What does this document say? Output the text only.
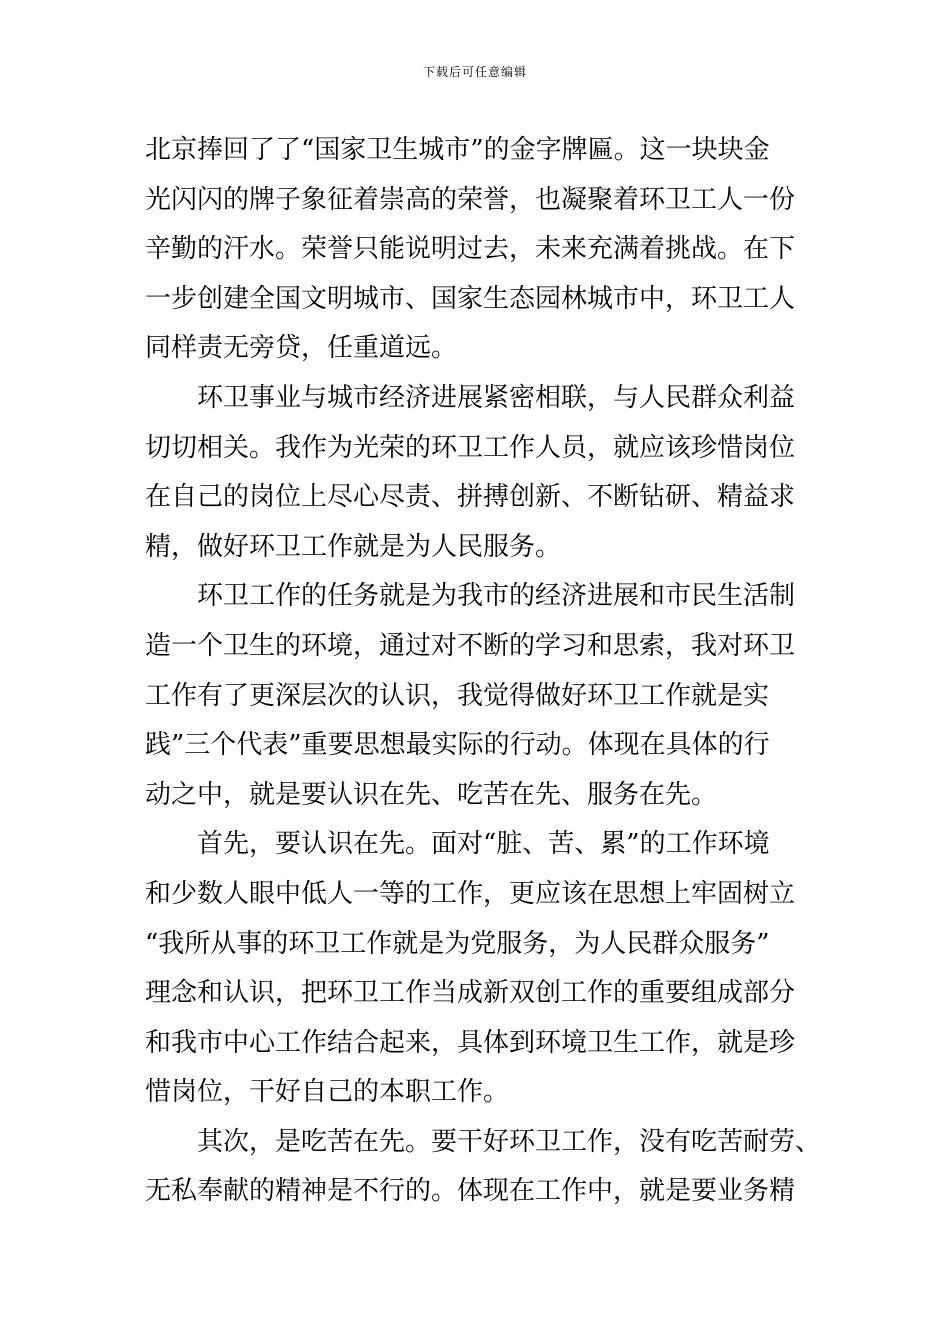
下载后可任意编辑
北京捧回了了“国家卫生城市”的金字牌匾。这一块块金
光闪闪的牌子象征着崇高的荣誉，也凝聚着环卫工人一份
辛勤的汗水。荣誉只能说明过去，未来充满着挑战。在下
一步创建全国文明城市、国家生态园林城市中，环卫工人
同样责无旁贷，任重道远。
环卫事业与城市经济进展紧密相联，与人民群众利益
切切相关。我作为光荣的环卫工作人员，就应该珍惜岗位
在自己的岗位上尽心尽责、拼搏创新、不断钻研、精益求
精，做好环卫工作就是为人民服务。
环卫工作的任务就是为我市的经济进展和市民生活制
造一个卫生的环境，通过对不断的学习和思索，我对环卫
工作有了更深层次的认识，我觉得做好环卫工作就是实
践”三个代表”重要思想最实际的行动。体现在具体的行
动之中，就是要认识在先、吃苦在先、服务在先。
首先，要认识在先。面对“脏、苦、累”的工作环境
和少数人眼中低人一等的工作，更应该在思想上牢固树立
“我所从事的环卫工作就是为党服务，为人民群众服务”
理念和认识，把环卫工作当成新双创工作的重要组成部分
和我市中心工作结合起来，具体到环境卫生工作，就是珍
惜岗位，干好自己的本职工作。
其次，是吃苦在先。要干好环卫工作，没有吃苦耐劳、
无私奉献的精神是不行的。体现在工作中，就是要业务精
